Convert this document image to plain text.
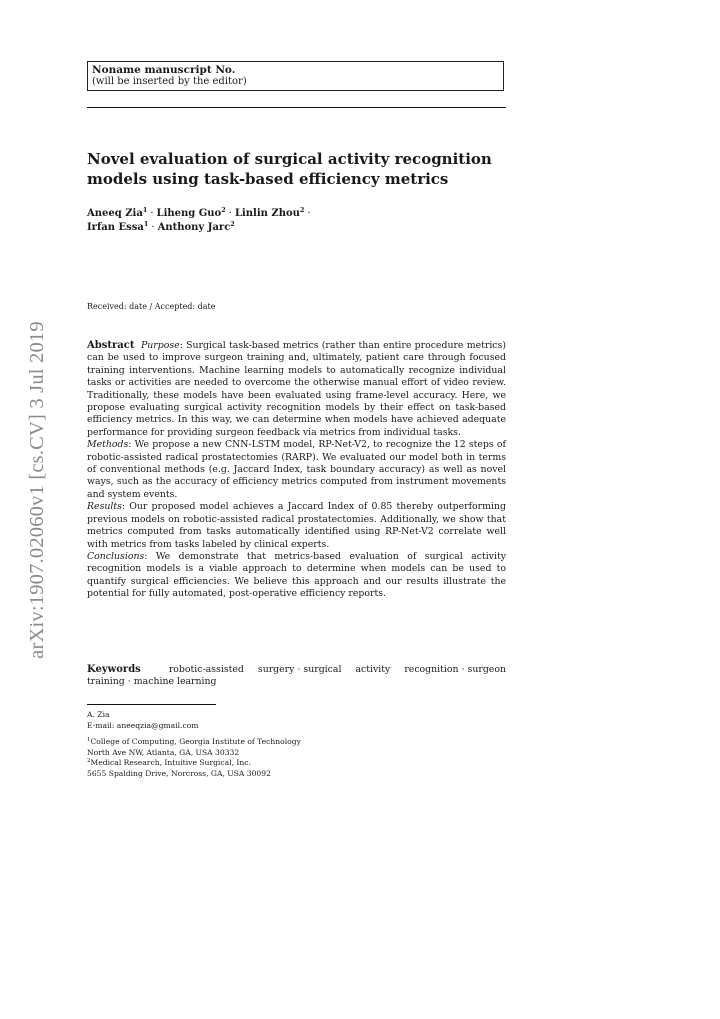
Noname manuscript No.
(will be inserted by the editor)
Novel evaluation of surgical activity recognition
models using task-based efficiency metrics
Aneeq Zia$^1$ · Liheng Guo$^2$ · Linlin Zhou$^2$ ·
Irfan Essa$^1$ · Anthony Jarc$^2$
Received: date / Accepted: date

Abstract Purpose: Surgical task-based metrics (rather than entire procedure metrics) can be used to improve surgeon training and, ultimately, patient care through focused training interventions. Machine learning models to automatically recognize individual tasks or activities are needed to overcome the otherwise manual effort of video review. Traditionally, these models have been evaluated using frame-level accuracy. Here, we propose evaluating surgical activity recognition models by their effect on task-based efficiency metrics. In this way, we can determine when models have achieved adequate performance for providing surgeon feedback via metrics from individual tasks.

Methods: We propose a new CNN-LSTM model, RP-Net-V2, to recognize the 12 steps of robotic-assisted radical prostatectomies (RARP). We evaluated our model both in terms of conventional methods (e.g. Jaccard Index, task boundary accuracy) as well as novel ways, such as the accuracy of efficiency metrics computed from instrument movements and system events.

Results: Our proposed model achieves a Jaccard Index of 0.85 thereby outperforming previous models on robotic-assisted radical prostatectomies. Additionally, we show that metrics computed from tasks automatically identified using RP-Net-V2 correlate well with metrics from tasks labeled by clinical experts.

Conclusions: We demonstrate that metrics-based evaluation of surgical activity recognition models is a viable approach to determine when models can be used to quantify surgical efficiencies. We believe this approach and our results illustrate the potential for fully automated, post-operative efficiency reports.

Keywords	robotic-assisted surgery · surgical activity recognition · surgeon training · machine learning
A. Zia
E-mail: aneeqzia@gmail.com
$^1$College of Computing, Georgia Institute of Technology
North Ave NW, Atlanta, GA, USA 30332
$^2$Medical Research, Intuitive Surgical, Inc.
5655 Spalding Drive, Norcross, GA, USA 30092
arXiv:1907.02060v1 [cs.CV] 3 Jul 2019
